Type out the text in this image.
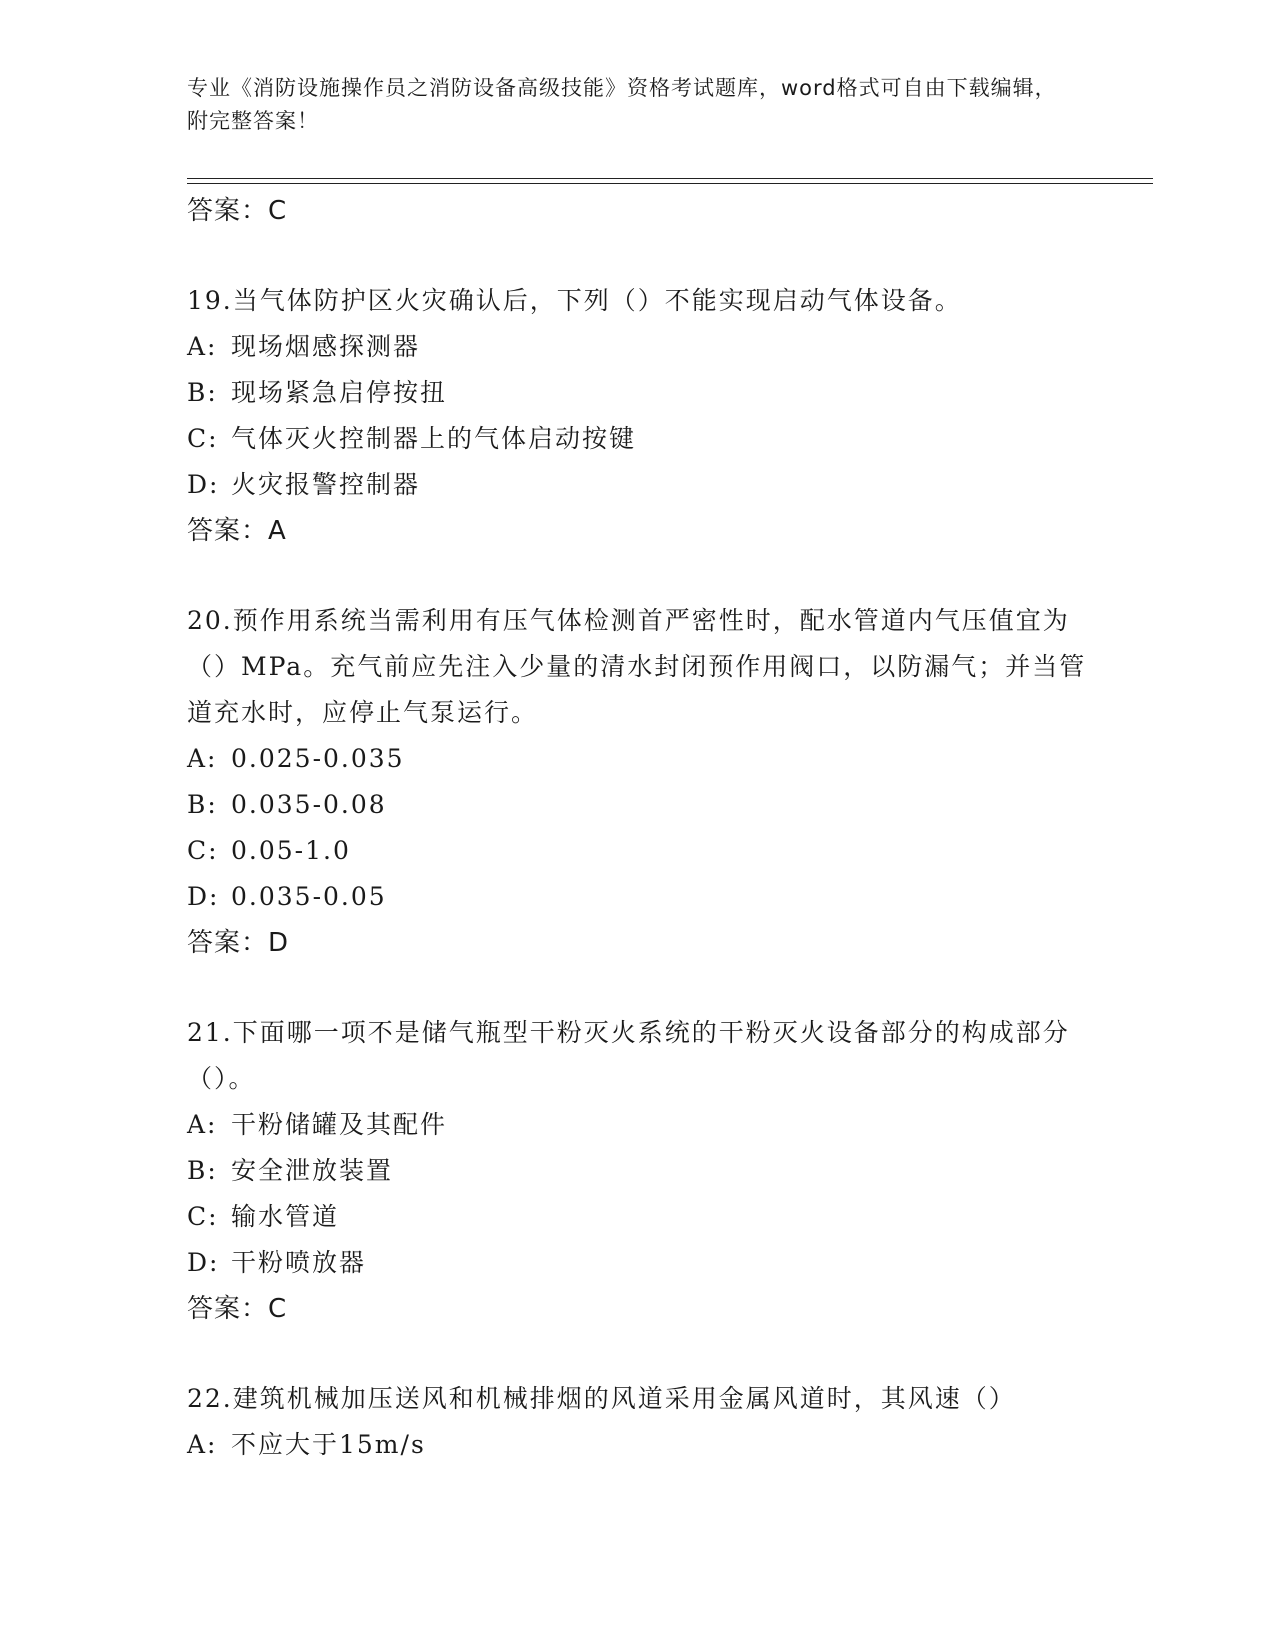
专业《消防设施操作员之消防设备高级技能》资格考试题库，word格式可自由下载编辑，附完整答案！
答案：C
19.当气体防护区火灾确认后，下列（）不能实现启动气体设备。
A: 现场烟感探测器
B: 现场紧急启停按扭
C: 气体灭火控制器上的气体启动按键
D: 火灾报警控制器
答案：A
20.预作用系统当需利用有压气体检测首严密性时，配水管道内气压值宜为（）MPa。充气前应先注入少量的清水封闭预作用阀口，以防漏气；并当管道充水时，应停止气泵运行。
A: 0.025-0.035
B: 0.035-0.08
C: 0.05-1.0
D: 0.035-0.05
答案：D
21.下面哪一项不是储气瓶型干粉灭火系统的干粉灭火设备部分的构成部分（）。
A: 干粉储罐及其配件
B: 安全泄放装置
C: 输水管道
D: 干粉喷放器
答案：C
22.建筑机械加压送风和机械排烟的风道采用金属风道时，其风速（）
A: 不应大于15m/s
